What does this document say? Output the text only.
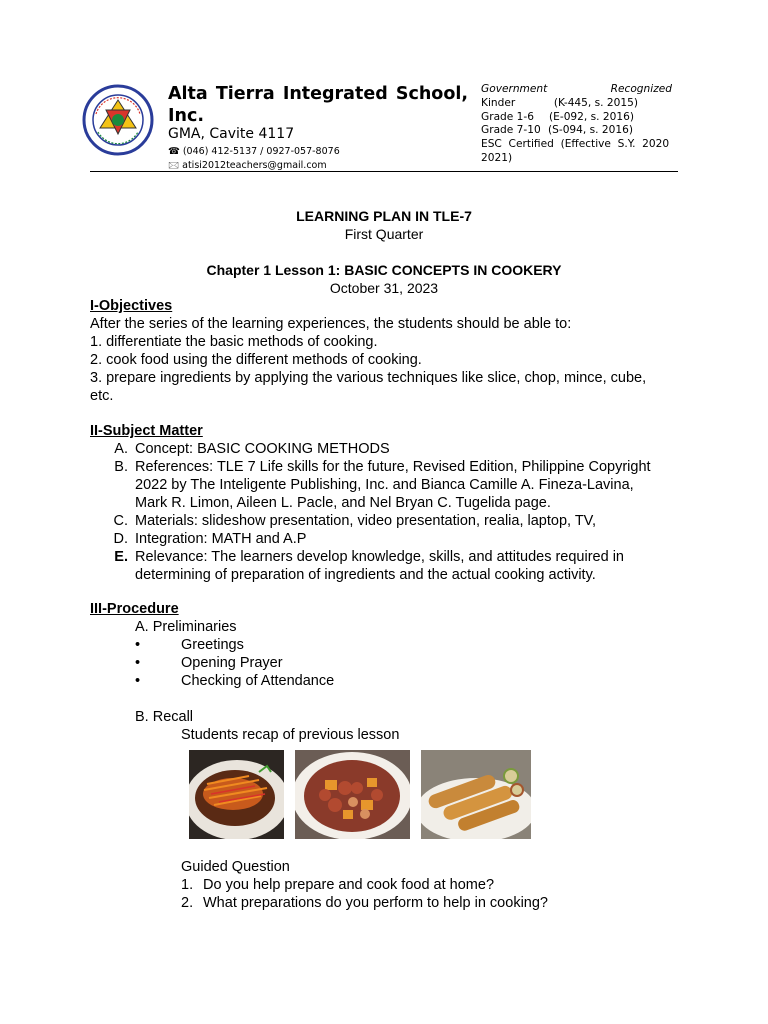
Alta Tierra Integrated School,
Inc.
GMA, Cavite 4117
☎ (046) 412-5137 / 0927-057-8076
🖂 atisi2012teachers@gmail.com
Government	Recognized
Kinder	(K-445, s. 2015)
Grade 1-6 (E-092, s. 2016)
Grade 7-10 (S-094, s. 2016)
ESC  Certified  (Effective  S.Y.  2020
2021)
LEARNING PLAN IN TLE-7
First Quarter
Chapter 1 Lesson 1: BASIC CONCEPTS IN COOKERY
October 31, 2023
I-Objectives
After the series of the learning experiences, the students should be able to:
1. differentiate the basic methods of cooking.
2. cook food using the different methods of cooking.
3. prepare ingredients by applying the various techniques like slice, chop, mince, cube,
etc.
II-Subject Matter
A. Concept: BASIC COOKING METHODS
B. References: TLE 7 Life skills for the future, Revised Edition, Philippine Copyright
2022 by The Inteligente Publishing, Inc. and Bianca Camille A. Fineza-Lavina,
Mark R. Limon, Aileen L. Pacle, and Nel Bryan C. Tugelida page.
C. Materials: slideshow presentation, video presentation, realia, laptop, TV,
D. Integration: MATH and A.P
E. Relevance: The learners develop knowledge, skills, and attitudes required in
determining of preparation of ingredients and the actual cooking activity.
III-Procedure
A. Preliminaries
•	Greetings
•	Opening Prayer
•	Checking of Attendance
B. Recall
Students recap of previous lesson
Guided Question
1. Do you help prepare and cook food at home?
2. What preparations do you perform to help in cooking?
